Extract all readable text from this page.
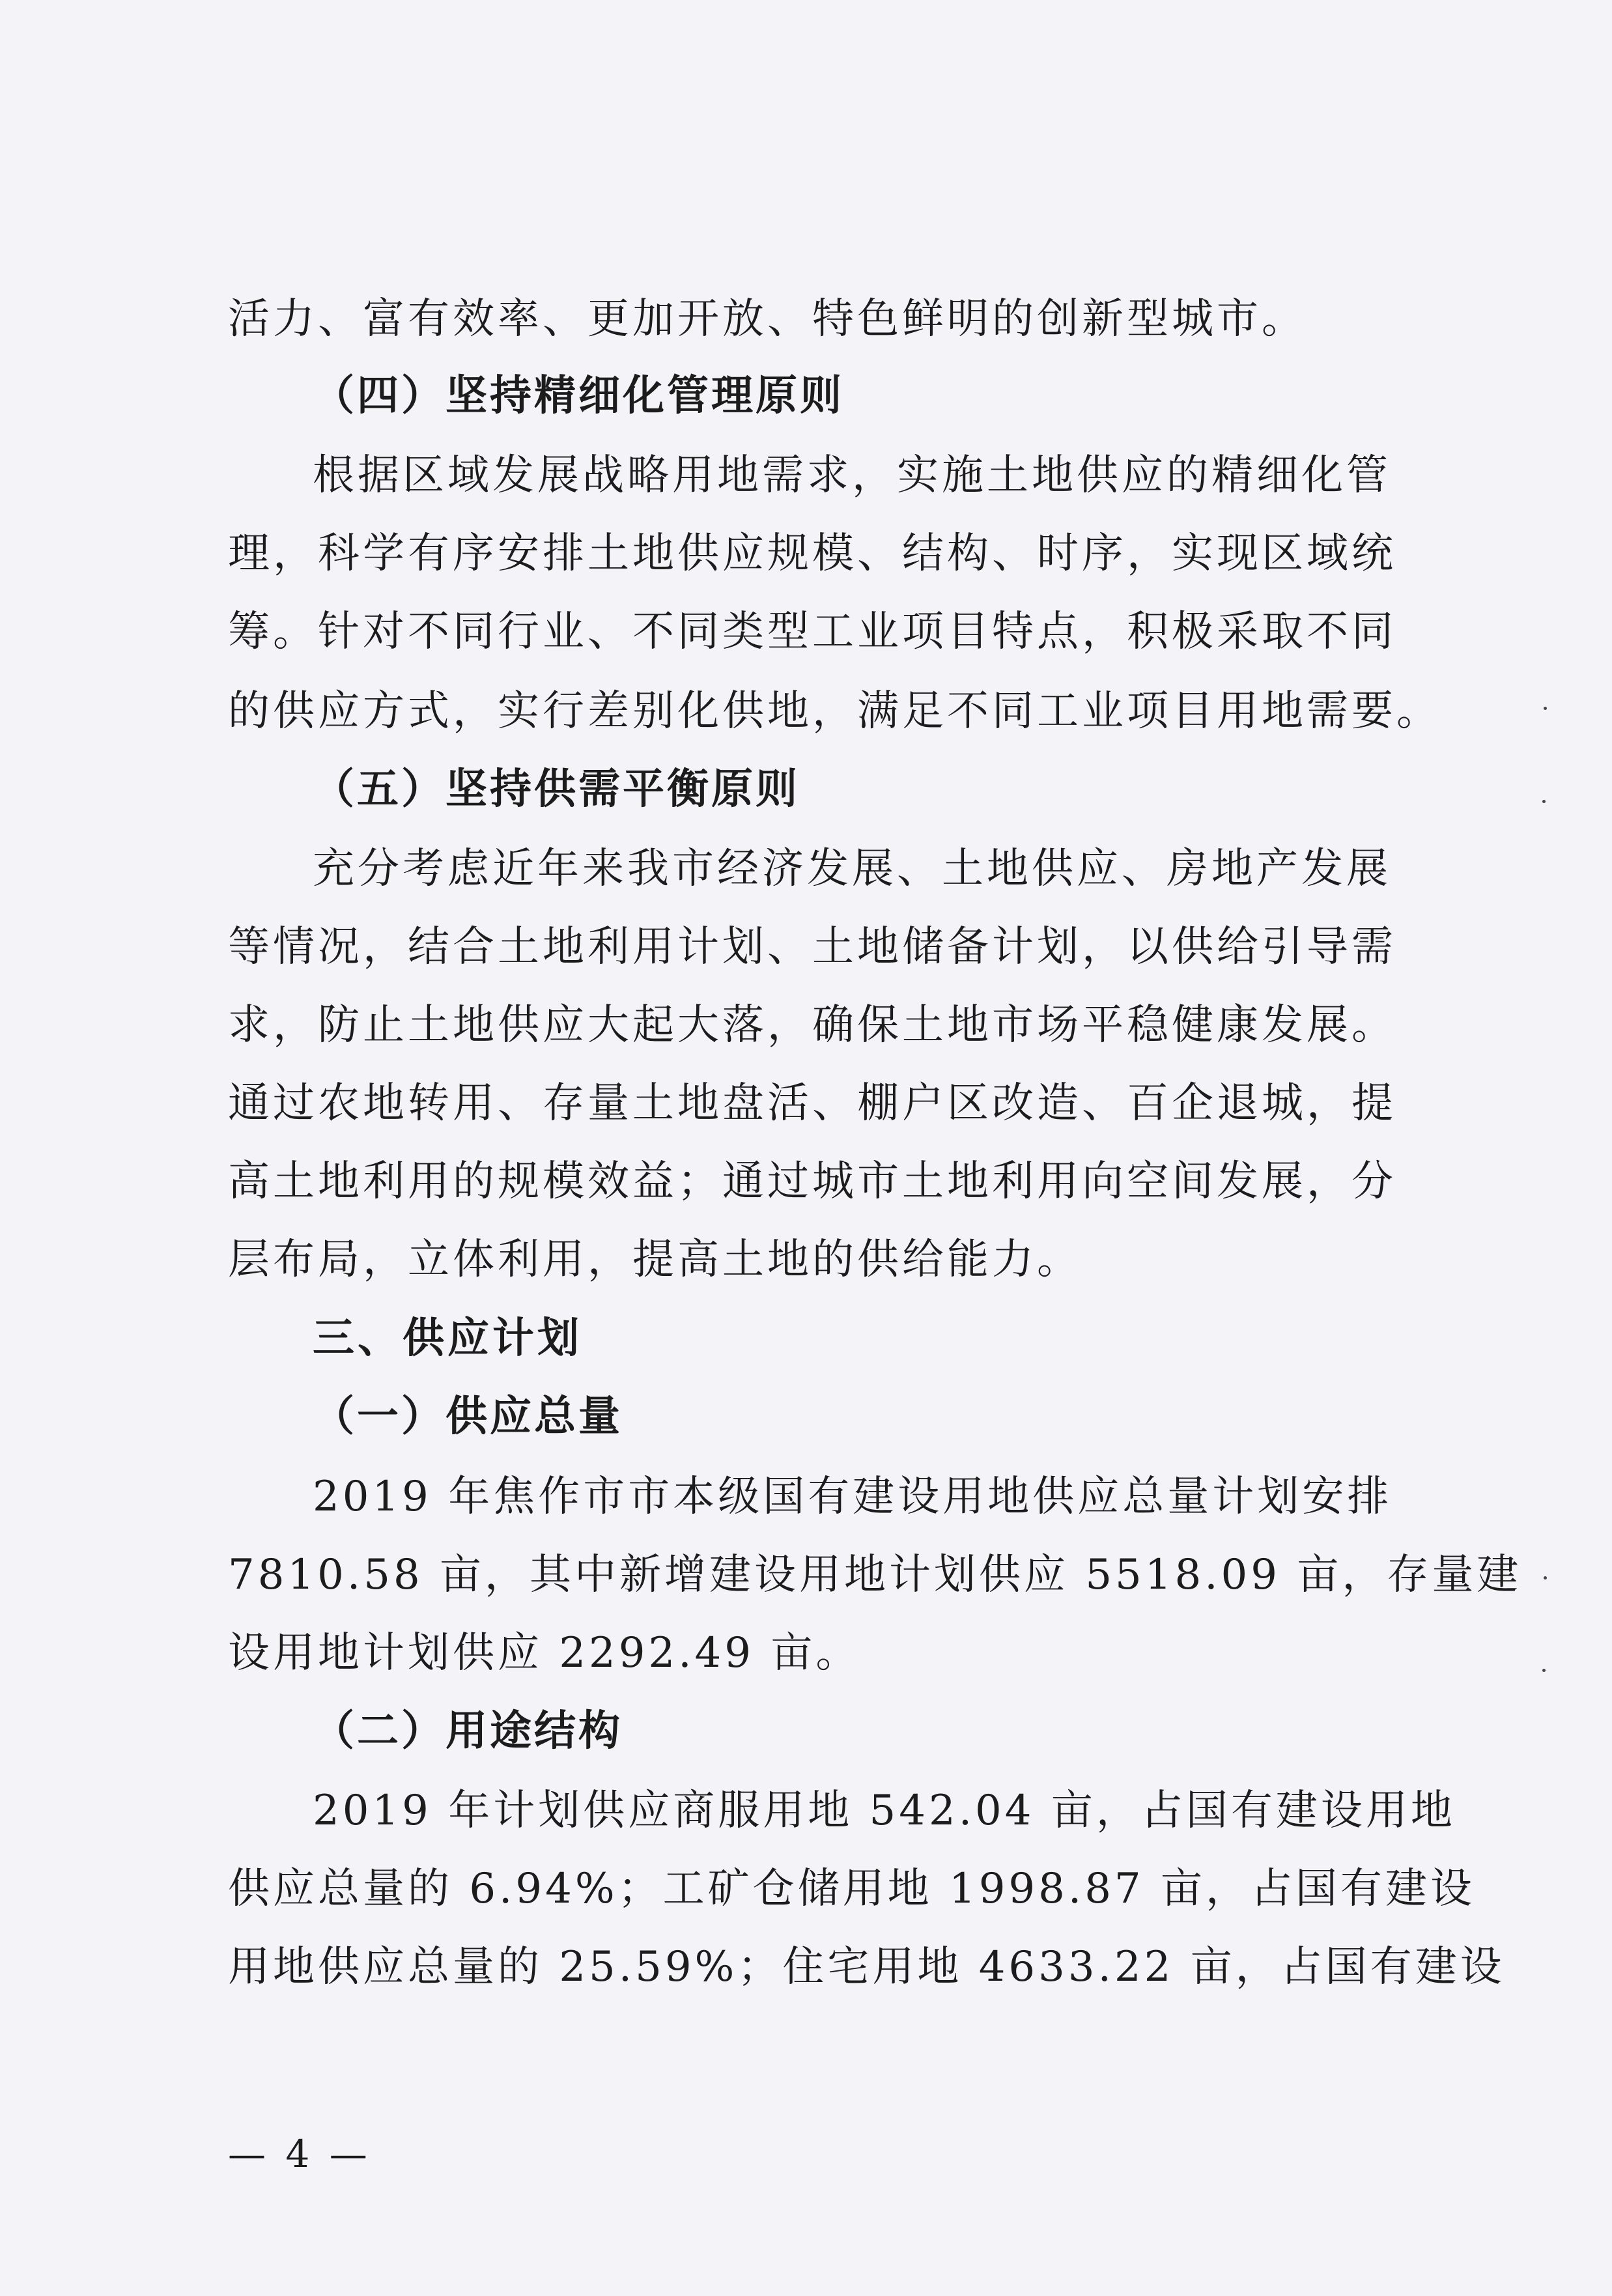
活力、富有效率、更加开放、特色鲜明的创新型城市。
（四）坚持精细化管理原则
根据区域发展战略用地需求，实施土地供应的精细化管
理，科学有序安排土地供应规模、结构、时序，实现区域统
筹。针对不同行业、不同类型工业项目特点，积极采取不同
的供应方式，实行差别化供地，满足不同工业项目用地需要。
（五）坚持供需平衡原则
充分考虑近年来我市经济发展、土地供应、房地产发展
等情况，结合土地利用计划、土地储备计划，以供给引导需
求，防止土地供应大起大落，确保土地市场平稳健康发展。
通过农地转用、存量土地盘活、棚户区改造、百企退城，提
高土地利用的规模效益；通过城市土地利用向空间发展，分
层布局，立体利用，提高土地的供给能力。
三、供应计划
（一）供应总量
2019 年焦作市市本级国有建设用地供应总量计划安排
7810.58 亩，其中新增建设用地计划供应 5518.09 亩，存量建
设用地计划供应 2292.49 亩。
（二）用途结构
2019 年计划供应商服用地 542.04 亩，占国有建设用地
供应总量的 6.94%；工矿仓储用地 1998.87 亩，占国有建设
用地供应总量的 25.59%；住宅用地 4633.22 亩，占国有建设
— 4 —
